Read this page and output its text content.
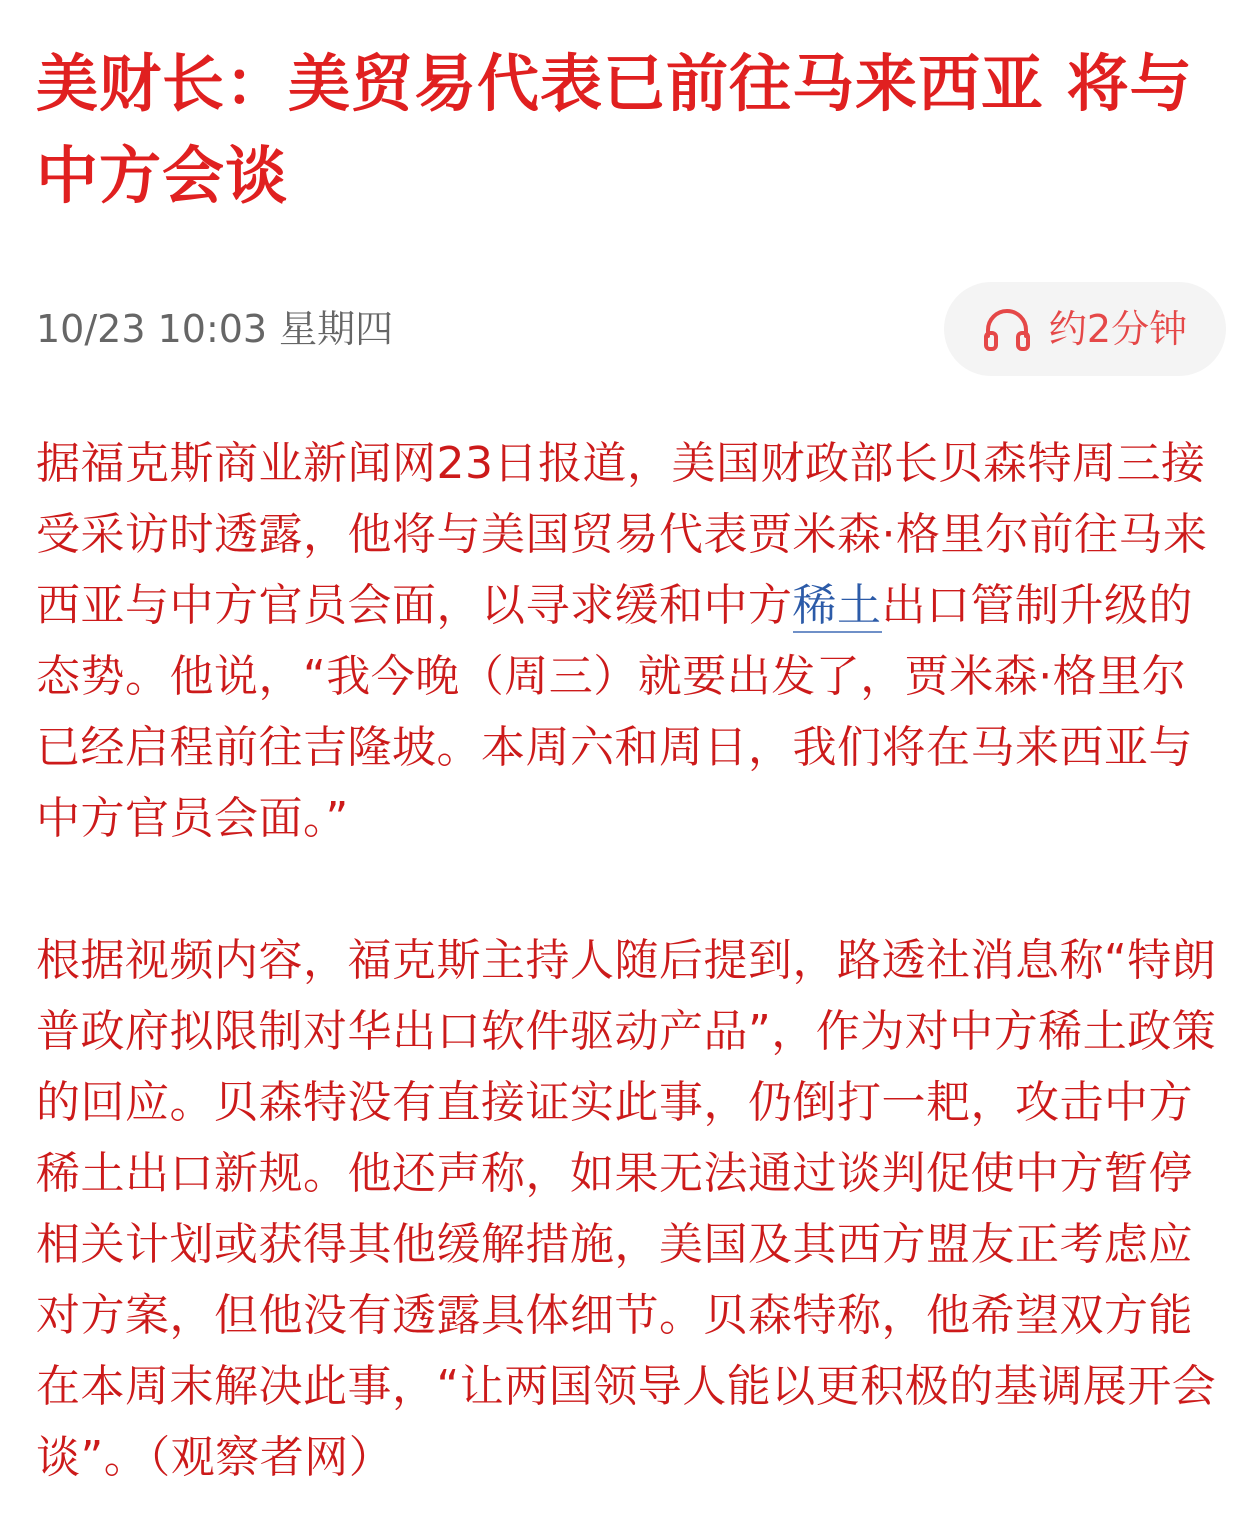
美财长：美贸易代表已前往马来西亚 将与中方会谈
10/23 10:03 星期四	约2分钟

据福克斯商业新闻网23日报道，美国财政部长贝森特周三接受采访时透露，他将与美国贸易代表贾米森·格里尔前往马来西亚与中方官员会面，以寻求缓和中方稀土出口管制升级的态势。他说，“我今晚（周三）就要出发了，贾米森·格里尔已经启程前往吉隆坡。本周六和周日，我们将在马来西亚与中方官员会面。”

根据视频内容，福克斯主持人随后提到，路透社消息称“特朗普政府拟限制对华出口软件驱动产品”，作为对中方稀土政策的回应。贝森特没有直接证实此事，仍倒打一耙，攻击中方稀土出口新规。他还声称，如果无法通过谈判促使中方暂停相关计划或获得其他缓解措施，美国及其西方盟友正考虑应对方案，但他没有透露具体细节。贝森特称，他希望双方能在本周末解决此事，“让两国领导人能以更积极的基调展开会谈”。（观察者网）
